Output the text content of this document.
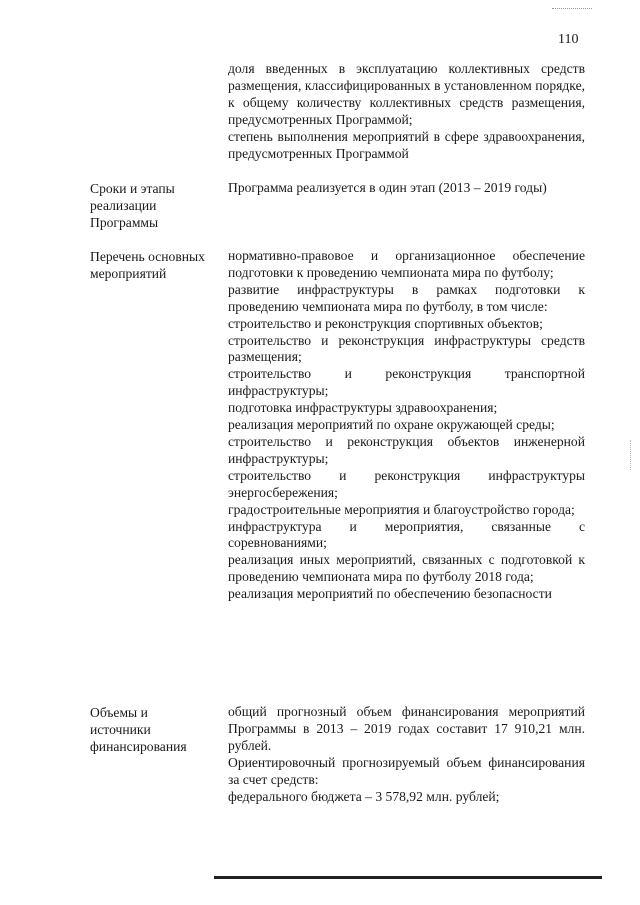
110

доля введенных в эксплуатацию коллективных средств размещения, классифицированных в установленном порядке, к общему количеству коллективных средств размещения, предусмотренных Программой;

степень выполнения мероприятий в сфере здравоохранения, предусмотренных Программой

Сроки и этапы реализации Программы

Программа реализуется в один этап (2013 – 2019 годы)

Перечень основных мероприятий

нормативно-правовое и организационное обеспечение подготовки к проведению чемпионата мира по футболу;

развитие инфраструктуры в рамках подготовки к проведению чемпионата мира по футболу, в том числе:

строительство и реконструкция спортивных объектов;

строительство и реконструкция инфраструктуры средств размещения;

строительство и реконструкция транспортной инфраструктуры;

подготовка инфраструктуры здравоохранения;

реализация мероприятий по охране окружающей среды;

строительство и реконструкция объектов инженерной инфраструктуры;

строительство и реконструкция инфраструктуры энергосбережения;

градостроительные мероприятия и благоустройство города;

инфраструктура и мероприятия, связанные с соревнованиями;

реализация иных мероприятий, связанных с подготовкой к проведению чемпионата мира по футболу 2018 года;

реализация мероприятий по обеспечению безопасности

Объемы и источники финансирования

общий прогнозный объем финансирования мероприятий Программы в 2013 – 2019 годах составит 17 910,21 млн. рублей.

Ориентировочный прогнозируемый объем финансирования за счет средств:

федерального бюджета – 3 578,92 млн. рублей;
